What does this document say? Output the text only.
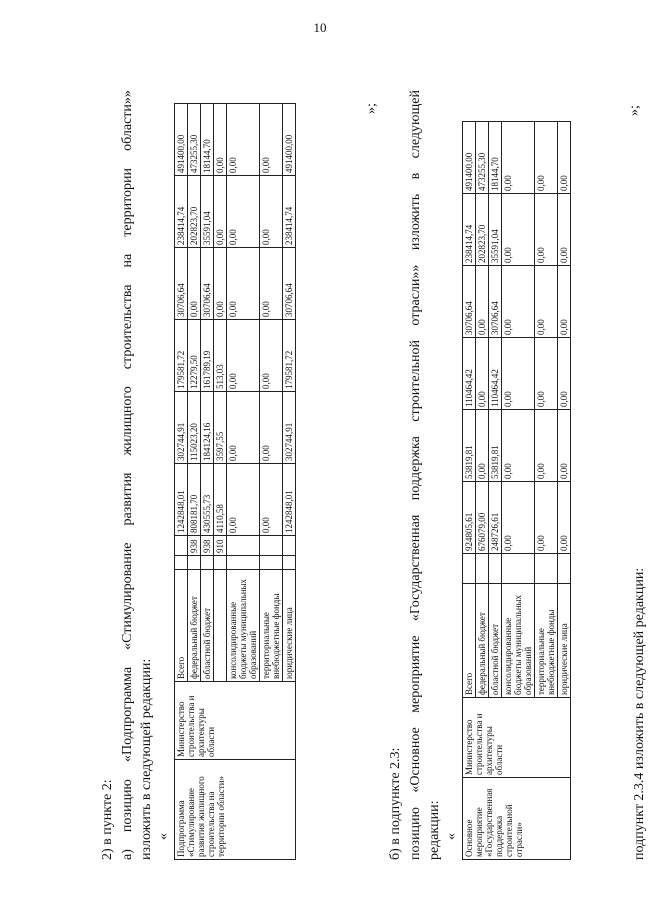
10
2) в пункте 2: а)
позицию
«Подпрограмма
«Стимулирование
развития
жилищного
строительства
на
территории
области»»
изложить в следующей редакции: « Подпрограмма «Стимулирование развития жилищного строительства на территории области»	Министерство строительства и архитектуры области	Всего			1242848,01	302744,91	179581,72	30706,64	238414,74	491400,00
		федеральный бюджет		938	808181,70	115023,20	12279,50	0,00	202823,70	473255,30
		областной бюджет		938	430555,73	184124,16	161789,19	30706,64	35591,04	18144,70
				910	4110,58	3597,55	513,03	0,00	0,00	0,00
		консолидированные бюджеты муниципальных образований			0,00	0,00	0,00	0,00	0,00	0,00
		территориальные внебюджетные фонды			0,00	0,00	0,00	0,00	0,00	0,00
		юридические лица			1242848,01	302744,91	179581,72	30706,64	238414,74	491400,00
»;
б) в подпункте 2.3: позицию
«Основное
мероприятие
«Государственная
поддержка
строительной
отрасли»»
изложить
в
следующей
редакции: « Основное мероприятие «Государственная поддержка строительной отрасли»	Министерство строительства и архитектуры области	Всего		924805,61	53819,81	110464,42	30706,64	238414,74	491400,00
		федеральный бюджет		676079,00	0,00	0,00	0,00	202823,70	473255,30
		областной бюджет		248726,61	53819,81	110464,42	30706,64	35591,04	18144,70
		консолидированные бюджеты муниципальных образований		0,00	0,00	0,00	0,00	0,00	0,00
		территориальные внебюджетные фонды		0,00	0,00	0,00	0,00	0,00	0,00
		юридические лица		0,00	0,00	0,00	0,00	0,00	0,00
»;
подпункт 2.3.4 изложить в следующей редакции:
